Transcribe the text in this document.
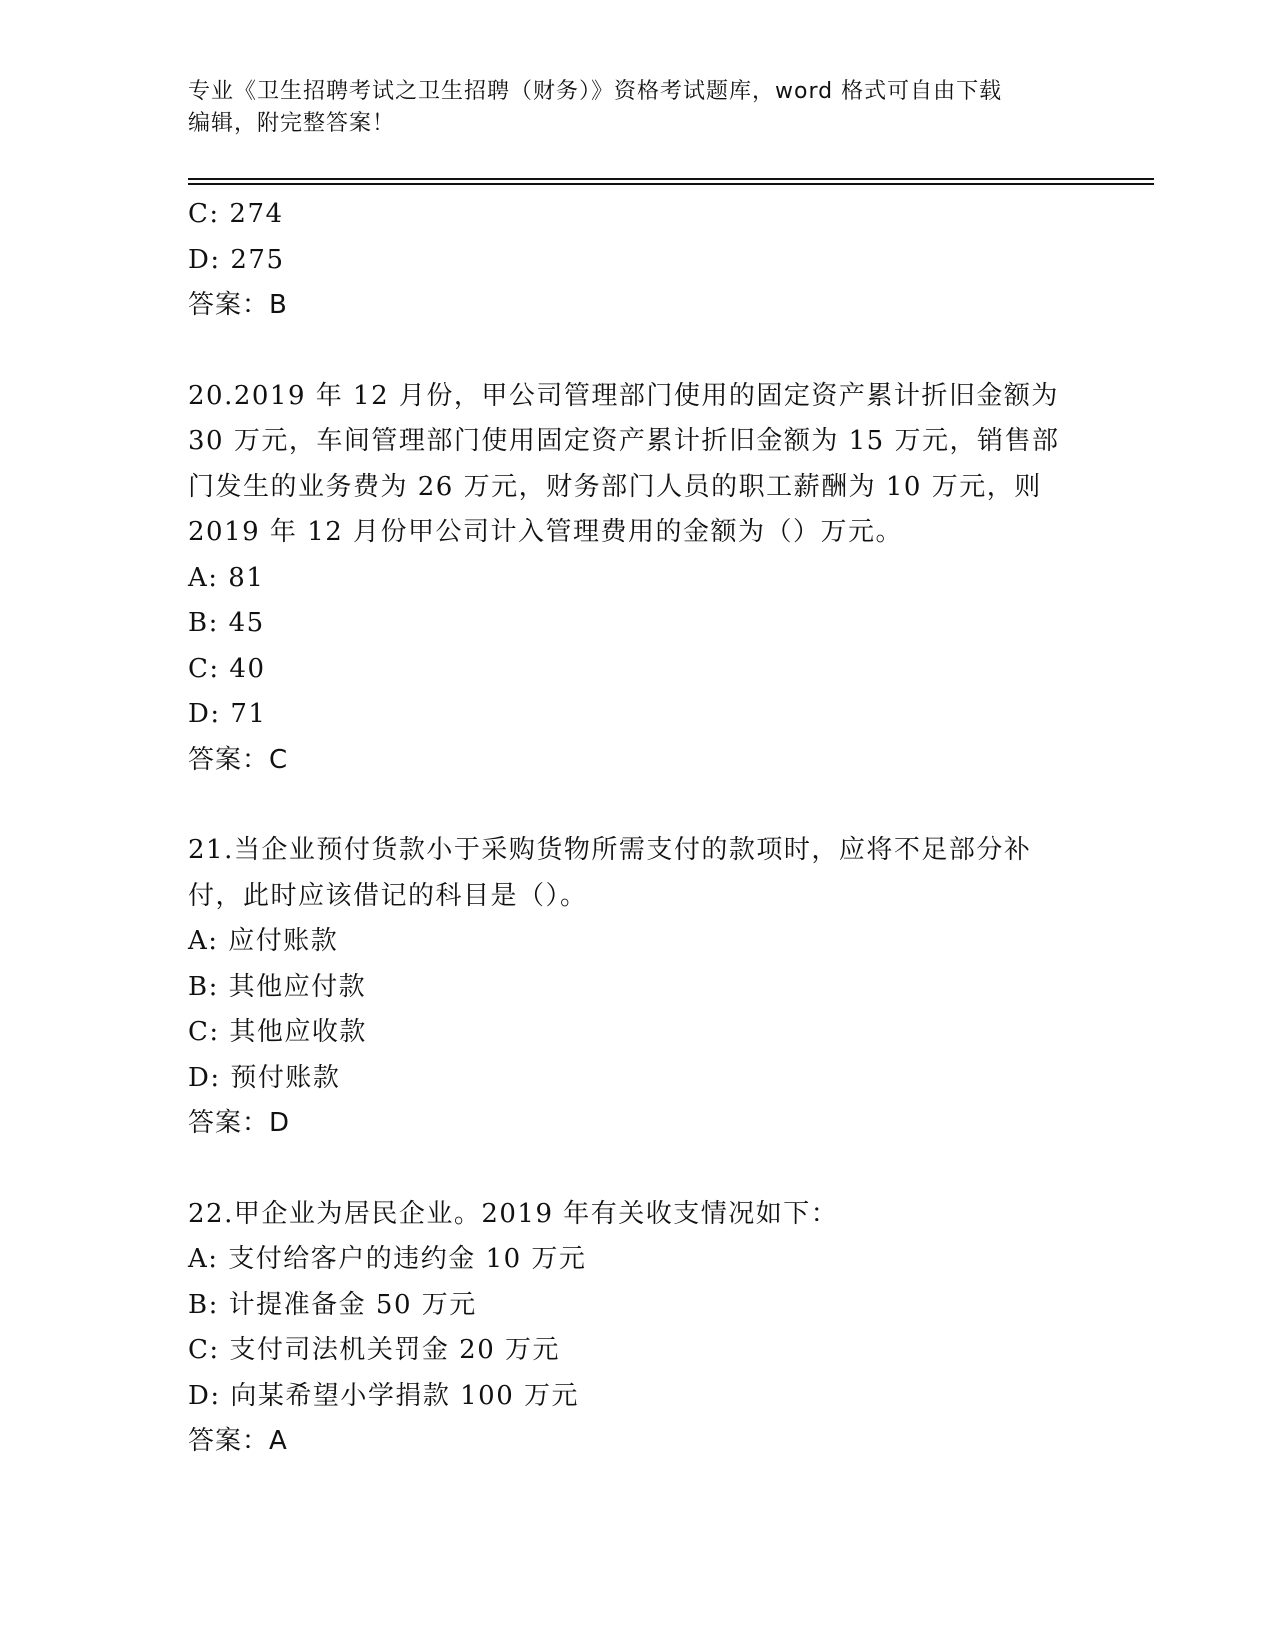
专业《卫生招聘考试之卫生招聘（财务）》资格考试题库，word 格式可自由下载
编辑，附完整答案！
C: 274
D: 275
答案：B
20.2019 年 12 月份，甲公司管理部门使用的固定资产累计折旧金额为
30 万元，车间管理部门使用固定资产累计折旧金额为 15 万元，销售部
门发生的业务费为 26 万元，财务部门人员的职工薪酬为 10 万元，则
2019 年 12 月份甲公司计入管理费用的金额为（）万元。
A: 81
B: 45
C: 40
D: 71
答案：C
21.当企业预付货款小于采购货物所需支付的款项时，应将不足部分补
付，此时应该借记的科目是（）。
A: 应付账款
B: 其他应付款
C: 其他应收款
D: 预付账款
答案：D
22.甲企业为居民企业。2019 年有关收支情况如下：
A: 支付给客户的违约金 10 万元
B: 计提准备金 50 万元
C: 支付司法机关罚金 20 万元
D: 向某希望小学捐款 100 万元
答案：A
